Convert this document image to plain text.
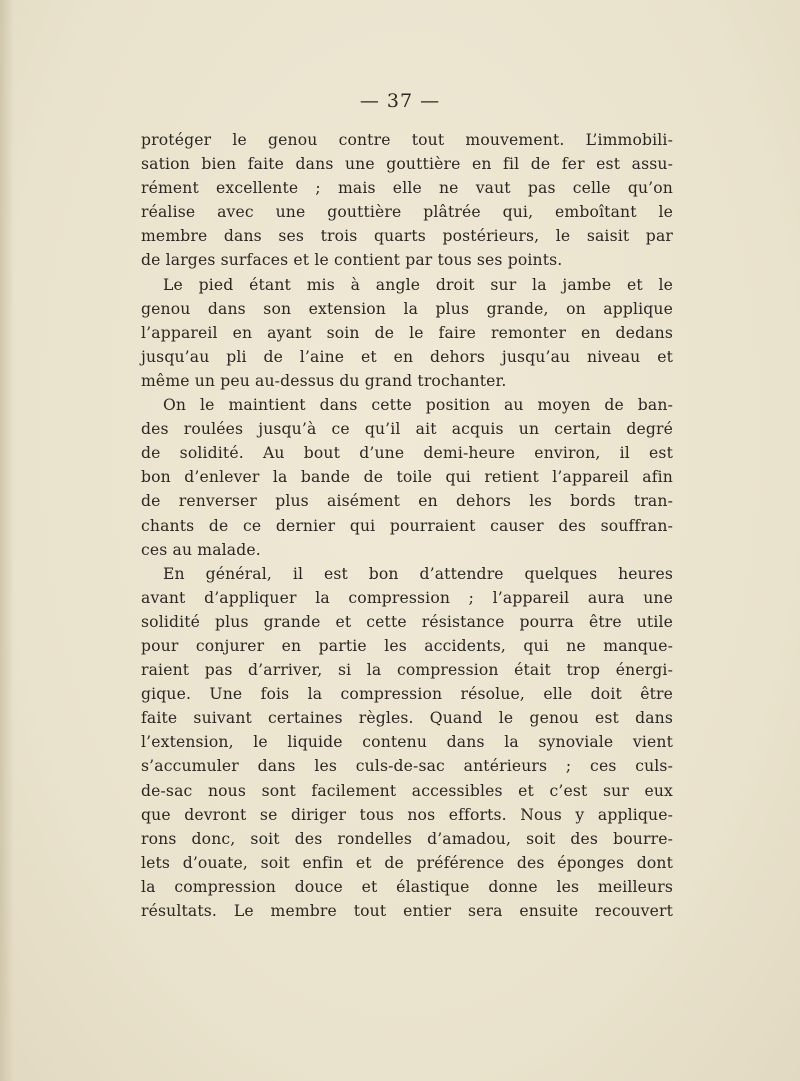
— 37 —
protéger le genou contre tout mouvement. L’immobili-
sation bien faite dans une gouttière en fil de fer est assu-
rément excellente ; mais elle ne vaut pas celle qu’on
réalise avec une gouttière plâtrée qui, emboîtant le
membre dans ses trois quarts postérieurs, le saisit par
de larges surfaces et le contient par tous ses points.
Le pied étant mis à angle droit sur la jambe et le
genou dans son extension la plus grande, on applique
l’appareil en ayant soin de le faire remonter en dedans
jusqu’au pli de l’aine et en dehors jusqu’au niveau et
même un peu au-dessus du grand trochanter.
On le maintient dans cette position au moyen de ban-
des roulées jusqu’à ce qu’il ait acquis un certain degré
de solidité. Au bout d’une demi-heure environ, il est
bon d’enlever la bande de toile qui retient l’appareil afin
de renverser plus aisément en dehors les bords tran-
chants de ce dernier qui pourraient causer des souffran-
ces au malade.
En général, il est bon d’attendre quelques heures
avant d’appliquer la compression ; l’appareil aura une
solidité plus grande et cette résistance pourra être utile
pour conjurer en partie les accidents, qui ne manque-
raient pas d’arriver, si la compression était trop énergi-
gique. Une fois la compression résolue, elle doit être
faite suivant certaines règles. Quand le genou est dans
l’extension, le liquide contenu dans la synoviale vient
s’accumuler dans les culs-de-sac antérieurs ; ces culs-
de-sac nous sont facilement accessibles et c’est sur eux
que devront se diriger tous nos efforts. Nous y applique-
rons donc, soit des rondelles d’amadou, soit des bourre-
lets d’ouate, soit enfin et de préférence des éponges dont
la compression douce et élastique donne les meilleurs
résultats. Le membre tout entier sera ensuite recouvert
